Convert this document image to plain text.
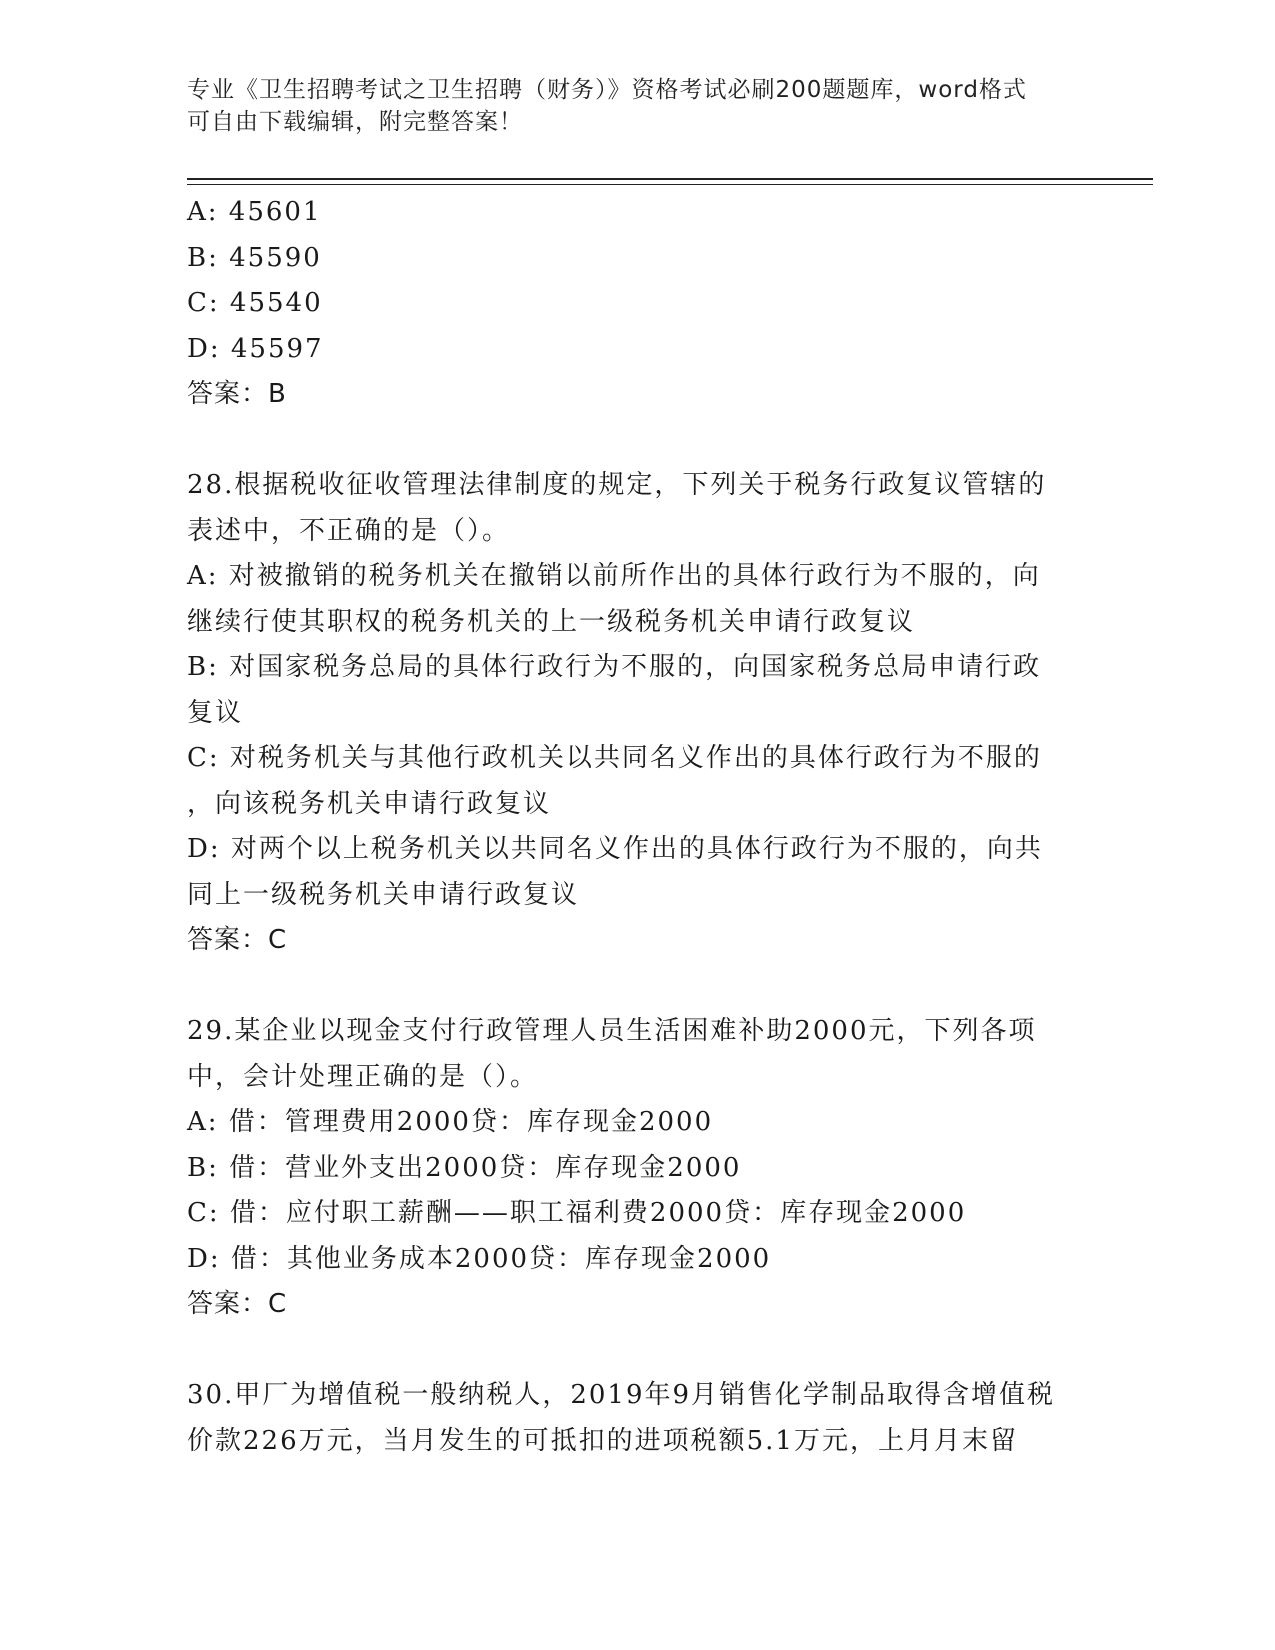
专业《卫生招聘考试之卫生招聘（财务）》资格考试必刷200题题库，word格式
可自由下载编辑，附完整答案！
A: 45601
B: 45590
C: 45540
D: 45597
答案：B
28.根据税收征收管理法律制度的规定，下列关于税务行政复议管辖的
表述中，不正确的是（）。
A: 对被撤销的税务机关在撤销以前所作出的具体行政行为不服的，向
继续行使其职权的税务机关的上一级税务机关申请行政复议
B: 对国家税务总局的具体行政行为不服的，向国家税务总局申请行政
复议
C: 对税务机关与其他行政机关以共同名义作出的具体行政行为不服的
，向该税务机关申请行政复议
D: 对两个以上税务机关以共同名义作出的具体行政行为不服的，向共
同上一级税务机关申请行政复议
答案：C
29.某企业以现金支付行政管理人员生活困难补助2000元，下列各项
中，会计处理正确的是（）。
A: 借：管理费用2000贷：库存现金2000
B: 借：营业外支出2000贷：库存现金2000
C: 借：应付职工薪酬——职工福利费2000贷：库存现金2000
D: 借：其他业务成本2000贷：库存现金2000
答案：C
30.甲厂为增值税一般纳税人，2019年9月销售化学制品取得含增值税
价款226万元，当月发生的可抵扣的进项税额5.1万元，上月月末留
